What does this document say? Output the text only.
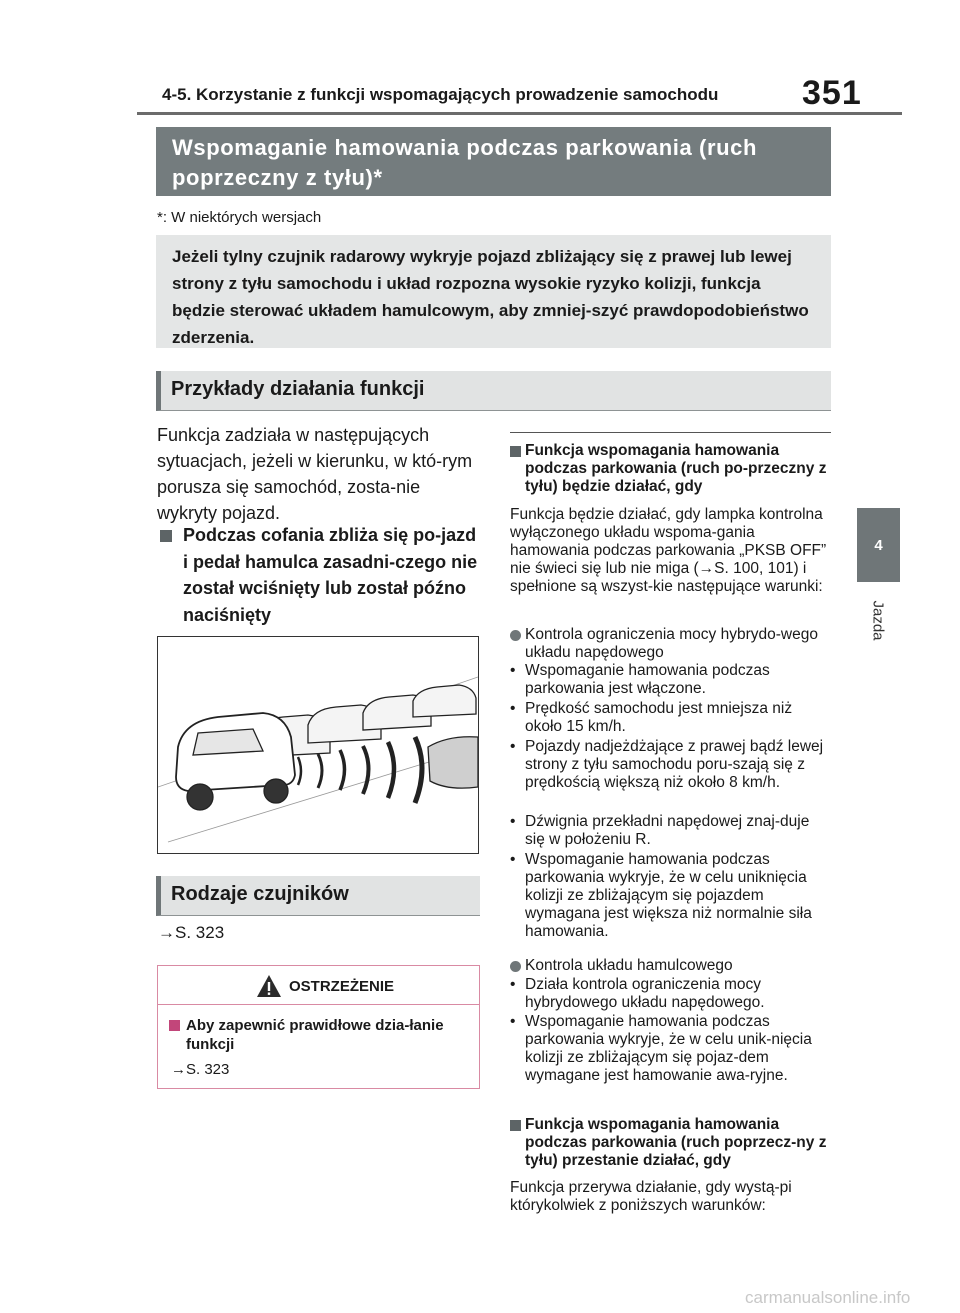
4-5. Korzystanie z funkcji wspomagających prowadzenie samochodu 351
4
Jazda
Wspomaganie hamowania podczas parkowania (ruch poprzeczny z tyłu)*
*: W niektórych wersjach
Jeżeli tylny czujnik radarowy wykryje pojazd zbliżający się z prawej lub lewej strony z tyłu samochodu i układ rozpozna wysokie ryzyko kolizji, funkcja będzie sterować układem hamulcowym, aby zmniej-szyć prawdopodobieństwo zderzenia.
Przykłady działania funkcji
Funkcja zadziała w następujących sytuacjach, jeżeli w kierunku, w któ-rym porusza się samochód, zosta-nie wykryty pojazd.
Podczas cofania zbliża się po-jazd i pedał hamulca zasadni-czego nie został wciśnięty lub został późno naciśnięty
Rodzaje czujników
→S. 323
OSTRZEŻENIE
Aby zapewnić prawidłowe dzia-łanie funkcji
→S. 323
Funkcja wspomagania hamowania podczas parkowania (ruch po-przeczny z tyłu) będzie działać, gdy
Funkcja będzie działać, gdy lampka kontrolna wyłączonego układu wspoma-gania hamowania podczas parkowania „PKSB OFF” nie świeci się lub nie miga (→S. 100, 101) i spełnione są wszyst-kie następujące warunki:
Kontrola ograniczenia mocy hybrydo-wego układu napędowego
• Wspomaganie hamowania podczas parkowania jest włączone.
• Prędkość samochodu jest mniejsza niż około 15 km/h.
• Pojazdy nadjeżdżające z prawej bądź lewej strony z tyłu samochodu poru-szają się z prędkością większą niż około 8 km/h.
• Dźwignia przekładni napędowej znaj-duje się w położeniu R.
• Wspomaganie hamowania podczas parkowania wykryje, że w celu uniknięcia kolizji ze zbliżającym się pojazdem wymagana jest większa niż normalnie siła hamowania.
Kontrola układu hamulcowego
• Działa kontrola ograniczenia mocy hybrydowego układu napędowego.
• Wspomaganie hamowania podczas parkowania wykryje, że w celu unik-nięcia kolizji ze zbliżającym się pojaz-dem wymagane jest hamowanie awa-ryjne.
Funkcja wspomagania hamowania podczas parkowania (ruch poprzecz-ny z tyłu) przestanie działać, gdy
Funkcja przerywa działanie, gdy wystą-pi którykolwiek z poniższych warunków:
carmanualsonline.info
